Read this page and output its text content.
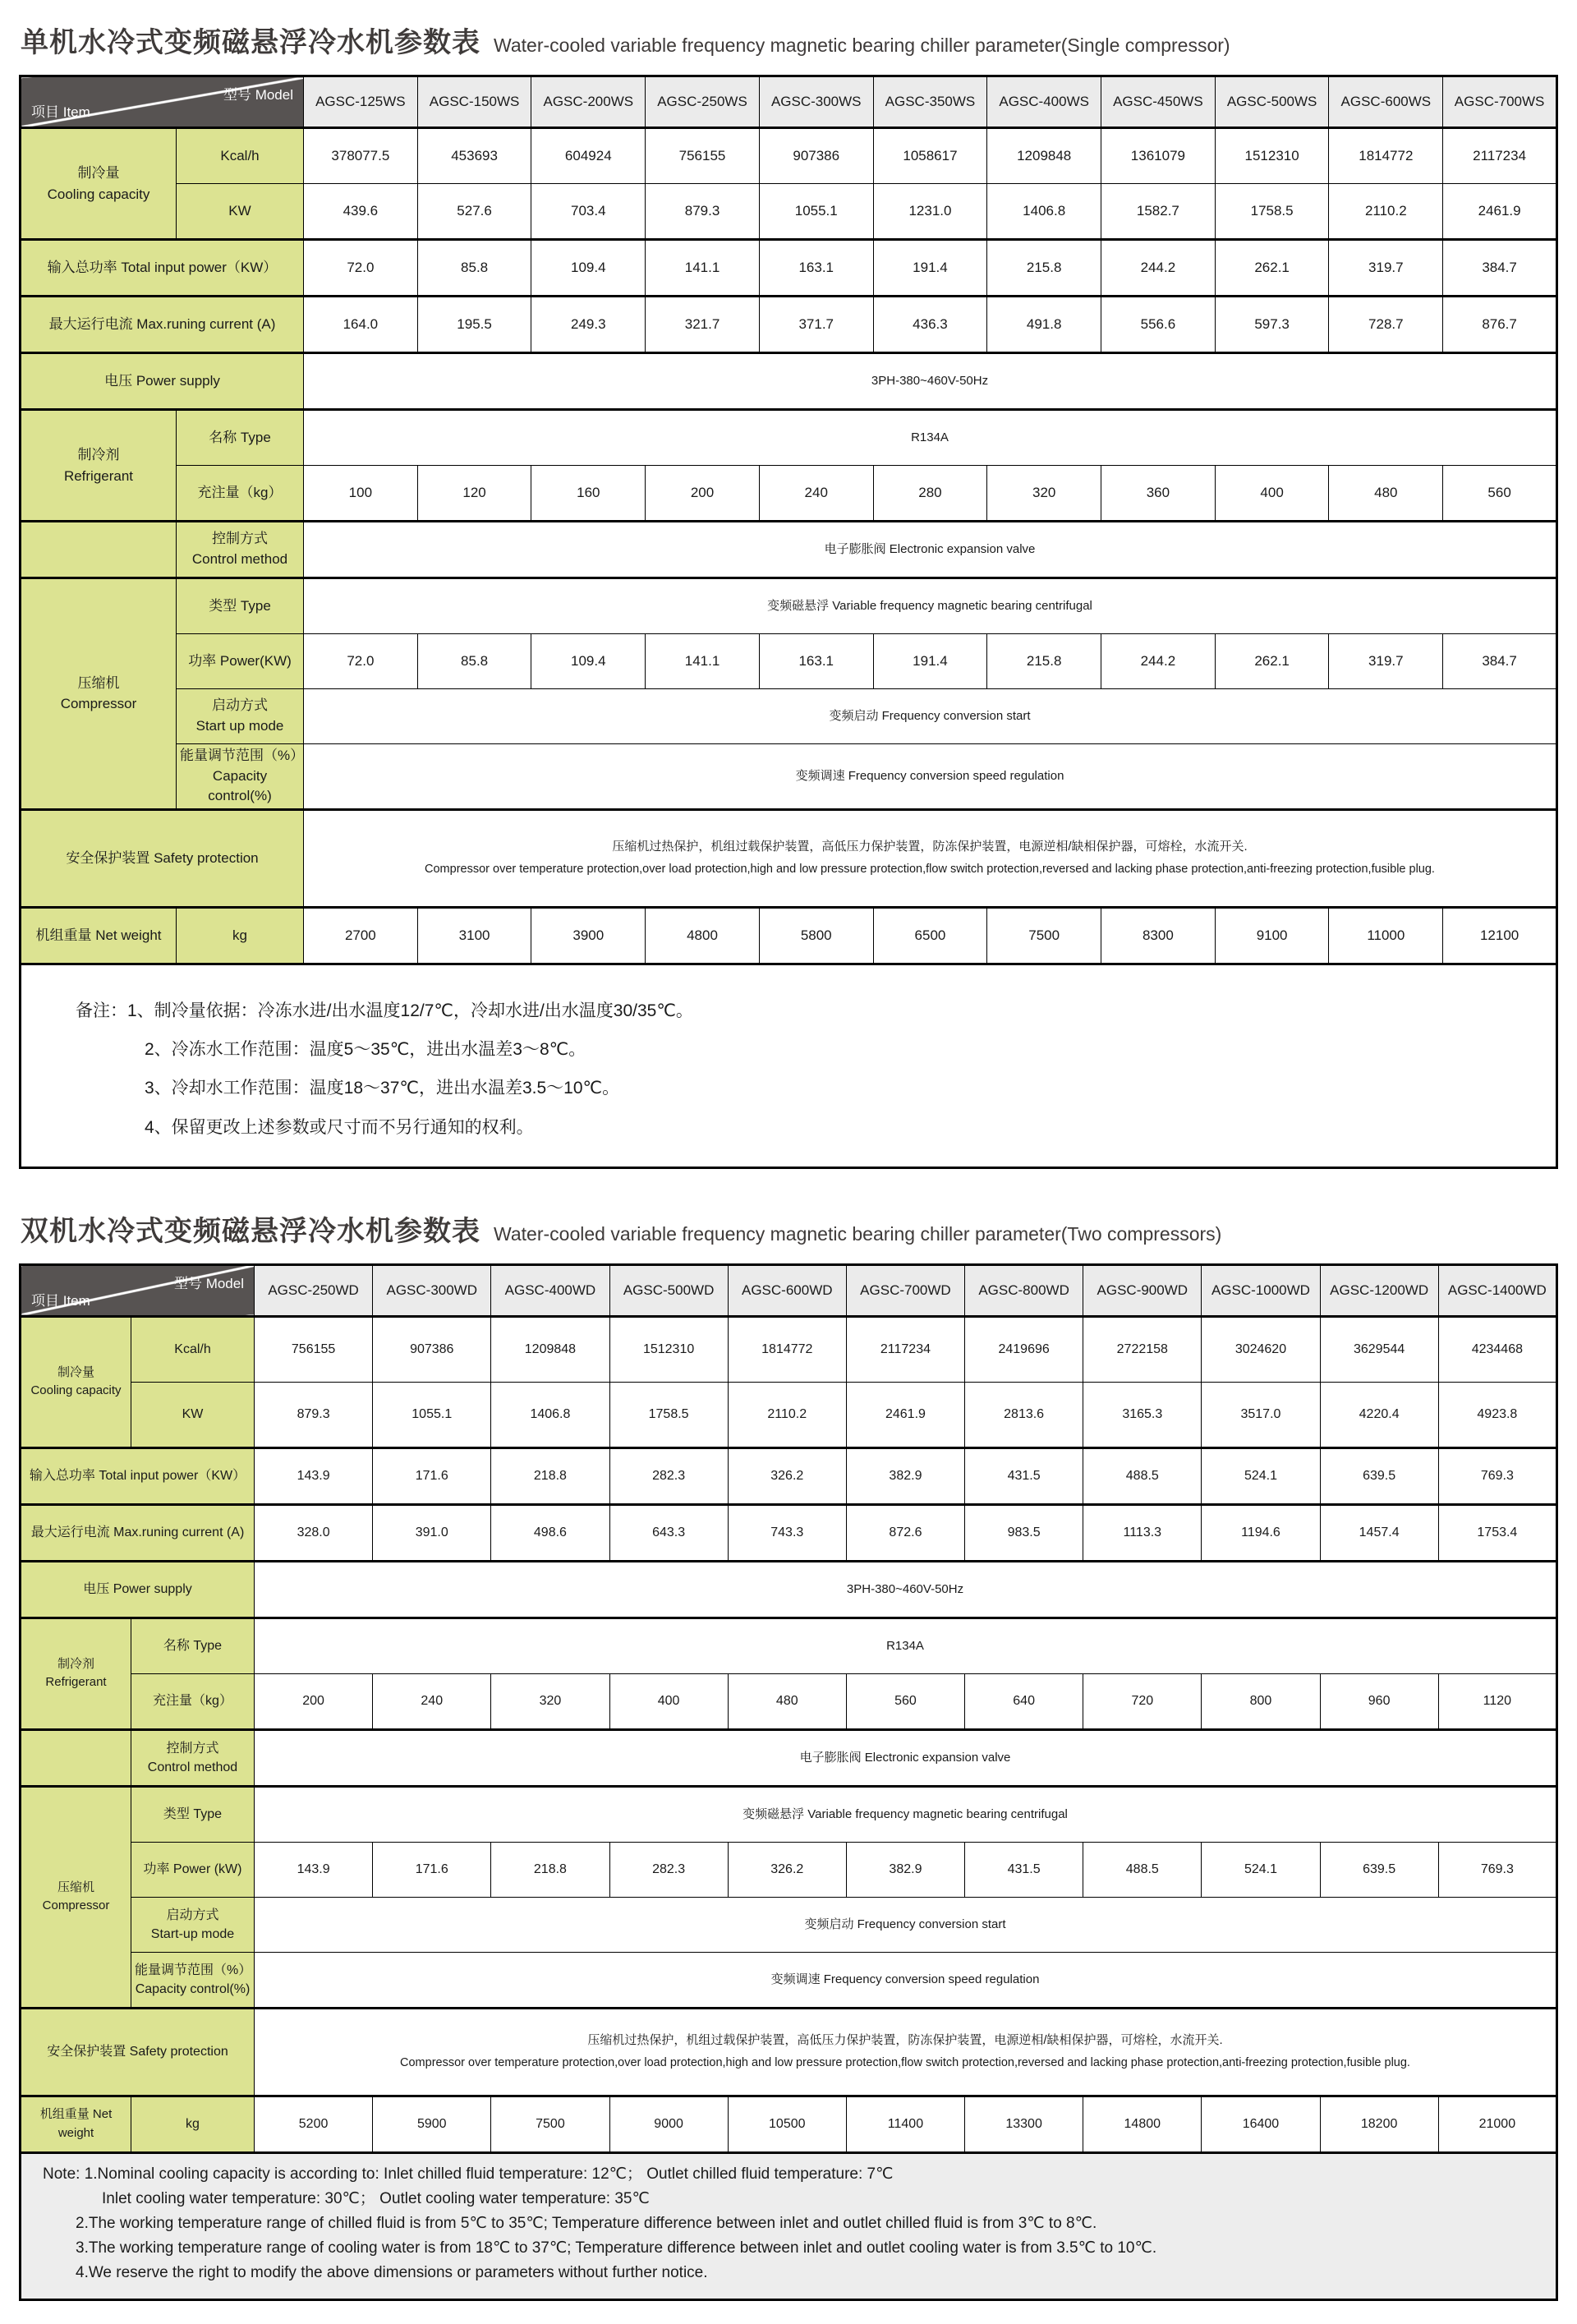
单机水冷式变频磁悬浮冷水机参数表 Water-cooled variable frequency magnetic bearing chiller parameter(Single compressor)
型号 Model
项目 Item		AGSC-125WS	AGSC-150WS	AGSC-200WS	AGSC-250WS	AGSC-300WS	AGSC-350WS	AGSC-400WS	AGSC-450WS	AGSC-500WS	AGSC-600WS	AGSC-700WS

制冷量
Cooling capacity	Kcal/h	378077.5	453693	604924	756155	907386	1058617	1209848	1361079	1512310	1814772	2117234

	KW	439.6	527.6	703.4	879.3	1055.1	1231.0	1406.8	1582.7	1758.5	2110.2	2461.9
输入总功率 Total input power（KW）		72.0	85.8	109.4	141.1	163.1	191.4	215.8	244.2	262.1	319.7	384.7
最大运行电流 Max.runing current (A)		164.0	195.5	249.3	321.7	371.7	436.3	491.8	556.6	597.3	728.7	876.7
电压 Power supply		3PH-380~460V-50Hz										

制冷剂
Refrigerant	名称 Type	R134A										

	充注量（kg）	100	120	160	200	240	280	320	360	400	480	560

	控制方式
Control method	电子膨胀阀 Electronic expansion valve										

压缩机
Compressor	类型 Type	变频磁悬浮 Variable frequency magnetic bearing centrifugal										

	功率 Power(KW)	72.0	85.8	109.4	141.1	163.1	191.4	215.8	244.2	262.1	319.7	384.7

	启动方式
Start up mode	变频启动 Frequency conversion start										

	能量调节范围（%）
Capacity control(%)	变频调速 Frequency conversion speed regulation										

安全保护装置 Safety protection		压缩机过热保护，机组过载保护装置，高低压力保护装置，防冻保护装置，电源逆相/缺相保护器，可熔栓，水流开关.
Compressor over temperature protection,over load protection,high and low pressure protection,flow switch protection,reversed and lacking phase protection,anti-freezing protection,fusible plug.										

机组重量 Net weight	kg	2700	3100	3900	4800	5800	6500	7500	8300	9100	11000	12100

备注：1、制冷量依据：冷冻水进/出水温度12/7℃，冷却水进/出水温度30/35℃。
2、冷冻水工作范围：温度5～35℃，进出水温差3～8℃。
3、冷却水工作范围：温度18～37℃，进出水温差3.5～10℃。
4、保留更改上述参数或尺寸而不另行通知的权利。												
双机水冷式变频磁悬浮冷水机参数表 Water-cooled variable frequency magnetic bearing chiller parameter(Two compressors)
型号 Model
项目 Item		AGSC-250WD	AGSC-300WD	AGSC-400WD	AGSC-500WD	AGSC-600WD	AGSC-700WD	AGSC-800WD	AGSC-900WD	AGSC-1000WD	AGSC-1200WD	AGSC-1400WD

制冷量
Cooling capacity	Kcal/h	756155	907386	1209848	1512310	1814772	2117234	2419696	2722158	3024620	3629544	4234468

	KW	879.3	1055.1	1406.8	1758.5	2110.2	2461.9	2813.6	3165.3	3517.0	4220.4	4923.8
输入总功率 Total input power（KW）		143.9	171.6	218.8	282.3	326.2	382.9	431.5	488.5	524.1	639.5	769.3
最大运行电流 Max.runing current (A)		328.0	391.0	498.6	643.3	743.3	872.6	983.5	1113.3	1194.6	1457.4	1753.4
电压 Power supply		3PH-380~460V-50Hz										

制冷剂
Refrigerant	名称 Type	R134A										

	充注量（kg）	200	240	320	400	480	560	640	720	800	960	1120

	控制方式
Control method	电子膨胀阀 Electronic expansion valve										

压缩机
Compressor	类型 Type	变频磁悬浮 Variable frequency magnetic bearing centrifugal										

	功率 Power (kW)	143.9	171.6	218.8	282.3	326.2	382.9	431.5	488.5	524.1	639.5	769.3

	启动方式
Start-up mode	变频启动 Frequency conversion start										

	能量调节范围（%）
Capacity control(%)	变频调速 Frequency conversion speed regulation										

安全保护装置 Safety protection		压缩机过热保护，机组过载保护装置，高低压力保护装置，防冻保护装置，电源逆相/缺相保护器，可熔栓，水流开关.
Compressor over temperature protection,over load protection,high and low pressure protection,flow switch protection,reversed and lacking phase protection,anti-freezing protection,fusible plug.										

机组重量 Net weight	kg	5200	5900	7500	9000	10500	11400	13300	14800	16400	18200	21000

Note: 1.Nominal cooling capacity is according to: Inlet chilled fluid temperature: 12℃； Outlet chilled fluid temperature: 7℃
Inlet cooling water temperature: 30℃； Outlet cooling water temperature: 35℃
2.The working temperature range of chilled fluid is from 5℃ to 35℃; Temperature difference between inlet and outlet chilled fluid is from 3℃ to 8℃.
3.The working temperature range of cooling water is from 18℃ to 37℃; Temperature difference between inlet and outlet cooling water is from 3.5℃ to 10℃.
4.We reserve the right to modify the above dimensions or parameters without further notice.												
